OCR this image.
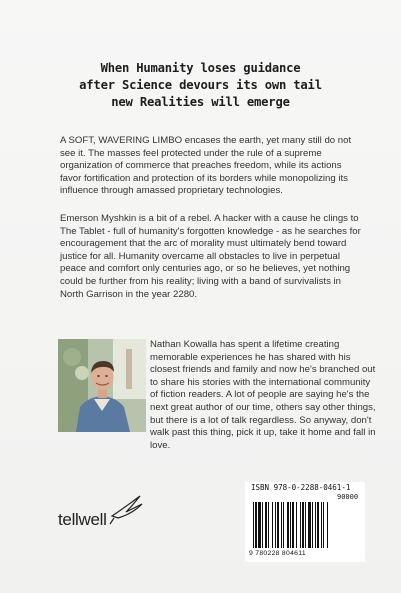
When Humanity loses guidance
after Science devours its own tail
new Realities will emerge

A SOFT, WAVERING LIMBO encases the earth, yet many still do not see it. The masses feel protected under the rule of a supreme organization of commerce that preaches freedom, while its actions favor fortification and protection of its borders while monopolizing its influence through amassed proprietary technologies.

Emerson Myshkin is a bit of a rebel. A hacker with a cause he clings to The Tablet - full of humanity's forgotten knowledge - as he searches for encouragement that the arc of morality must ultimately bend toward justice for all. Humanity overcame all obstacles to live in perpetual peace and comfort only centuries ago, or so he believes, yet nothing could be further from his reality; living with a band of survivalists in North Garrison in the year 2280.

Nathan Kowalla has spent a lifetime creating memorable experiences he has shared with his closest friends and family and now he's branched out to share his stories with the international community of fiction readers. A lot of people are saying he's the next great author of our time, others say other things, but there is a lot of talk regardless. So anyway, don't walk past this thing, pick it up, take it home and fall in love.

tellwell
ISBN 978-0-2288-0461-1
90000
9 780228 804611
